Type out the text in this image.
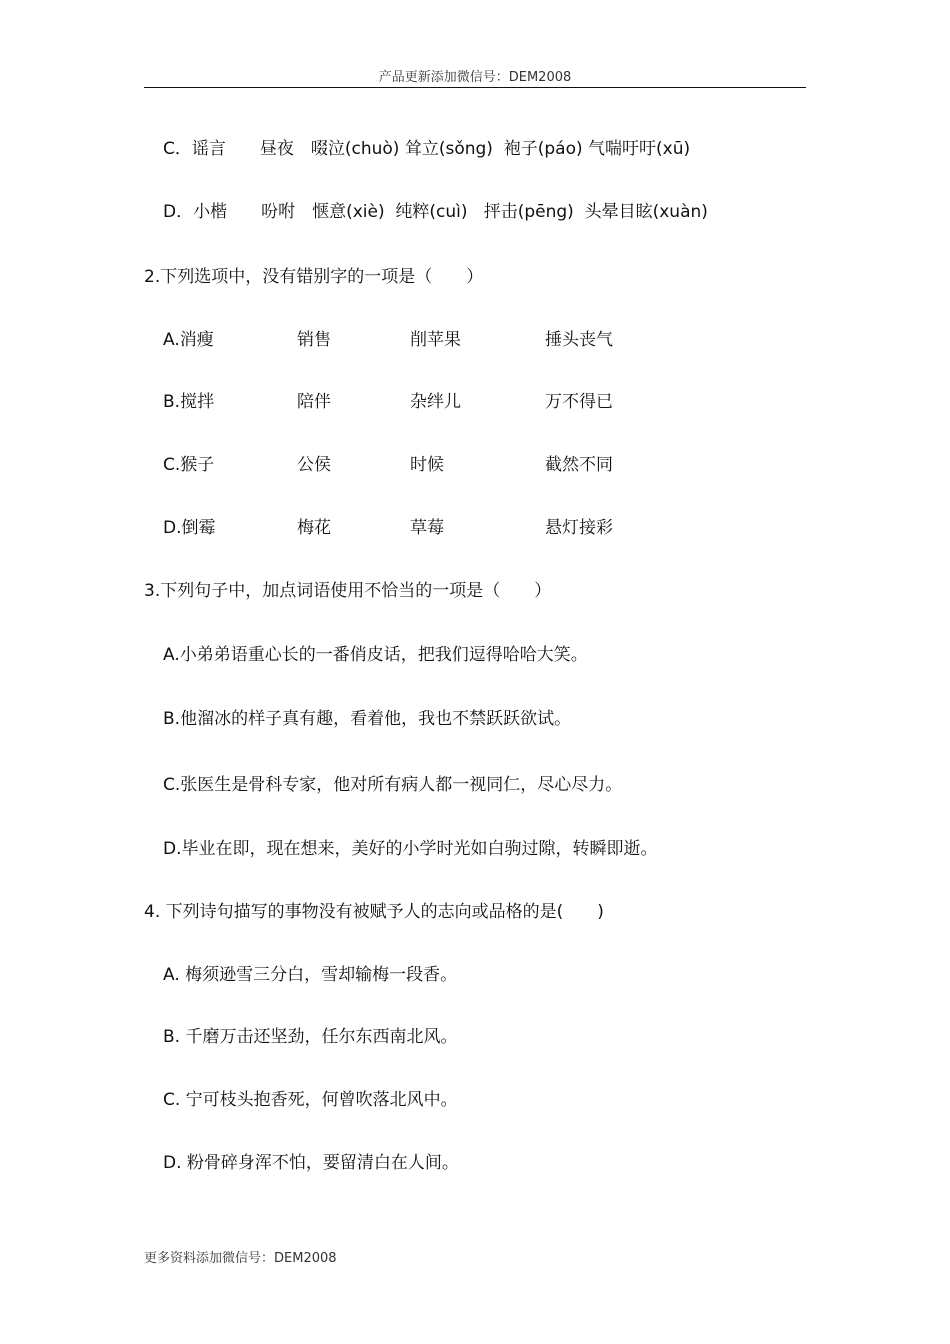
产品更新添加微信号：DEM2008
C．谣言　　昼夜　啜泣(chuò) 耸立(sǒng)  袍子(páo) 气喘吁吁(xū)
D．小楷　　吩咐　惬意(xiè)  纯粹(cuì)   抨击(pēng)  头晕目眩(xuàn)
2.下列选项中，没有错别字的一项是（　　）
A.消瘦	销售	削苹果	捶头丧气
B.搅拌	陪伴	杂绊儿	万不得已
C.猴子	公侯	时候	截然不同
D.倒霉	梅花	草莓	悬灯接彩
3.下列句子中，加点词语使用不恰当的一项是（　　）
A.小弟弟语重心长的一番俏皮话，把我们逗得哈哈大笑。
B.他溜冰的样子真有趣，看着他，我也不禁跃跃欲试。
C.张医生是骨科专家，他对所有病人都一视同仁，尽心尽力。
D.毕业在即，现在想来，美好的小学时光如白驹过隙，转瞬即逝。
4. 下列诗句描写的事物没有被赋予人的志向或品格的是(　　)
A. 梅须逊雪三分白，雪却输梅一段香。
B. 千磨万击还坚劲，任尔东西南北风。
C. 宁可枝头抱香死，何曾吹落北风中。
D. 粉骨碎身浑不怕，要留清白在人间。
更多资料添加微信号：DEM2008
